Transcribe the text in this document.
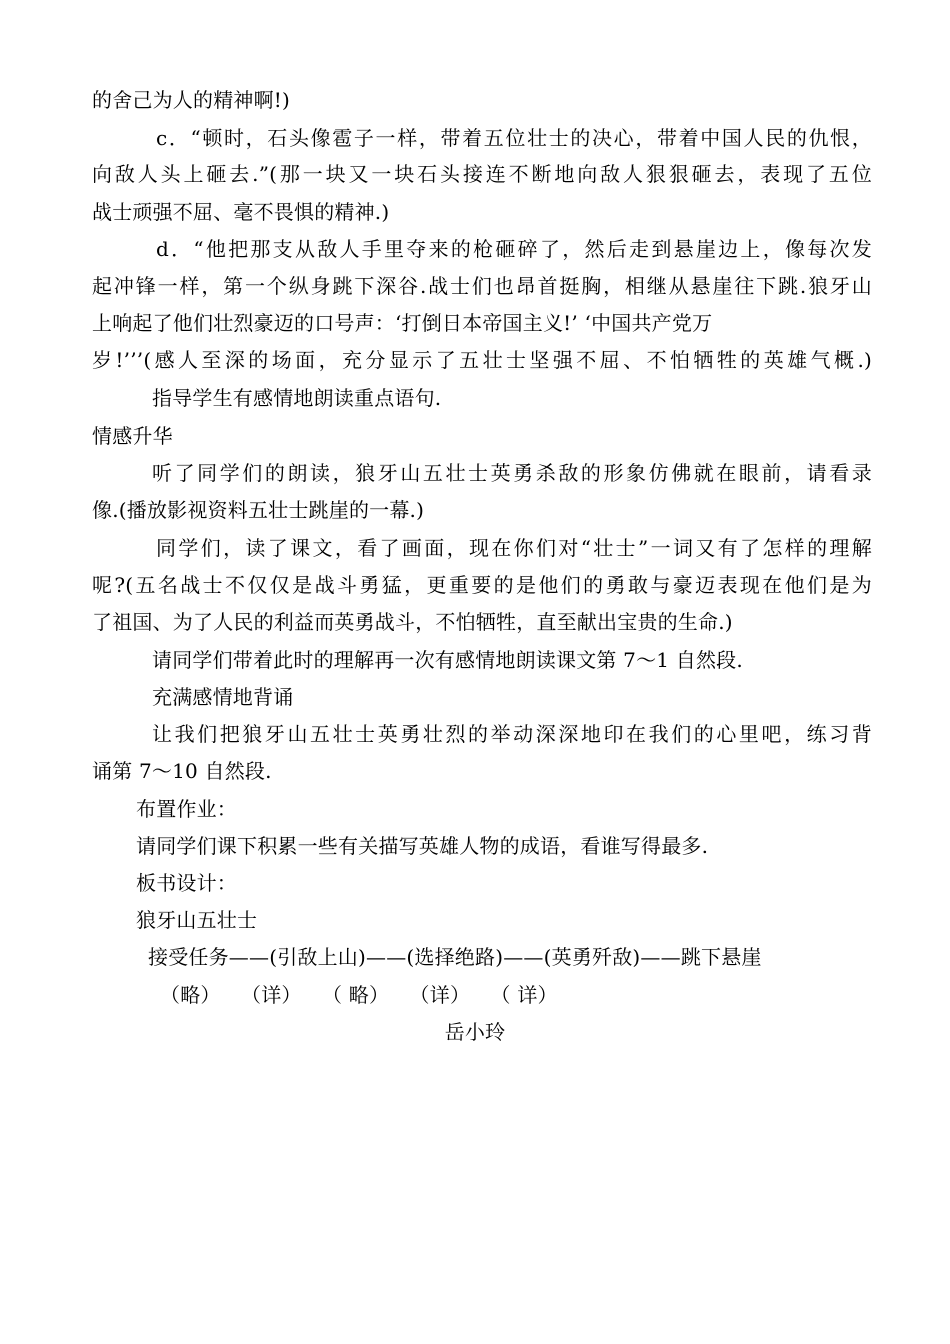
的舍己为人的精神啊!)
c．“顿时，石头像雹子一样，带着五位壮士的决心，带着中国人民的仇恨，
向敌人头上砸去.”(那一块又一块石头接连不断地向敌人狠狠砸去，表现了五位
战士顽强不屈、毫不畏惧的精神.)
d．“他把那支从敌人手里夺来的枪砸碎了，然后走到悬崖边上，像每次发
起冲锋一样，第一个纵身跳下深谷.战士们也昂首挺胸，相继从悬崖往下跳.狼牙山
上响起了他们壮烈豪迈的口号声：‘打倒日本帝国主义!’ ‘中国共产党万
岁!’’’(感人至深的场面，充分显示了五壮士坚强不屈、不怕牺牲的英雄气概.)
指导学生有感情地朗读重点语句.
情感升华
听了同学们的朗读，狼牙山五壮士英勇杀敌的形象仿佛就在眼前，请看录
像.(播放影视资料五壮士跳崖的一幕.)
同学们，读了课文，看了画面，现在你们对“壮士”一词又有了怎样的理解
呢?(五名战士不仅仅是战斗勇猛，更重要的是他们的勇敢与豪迈表现在他们是为
了祖国、为了人民的利益而英勇战斗，不怕牺牲，直至献出宝贵的生命.)
请同学们带着此时的理解再一次有感情地朗读课文第 7～1 自然段.
充满感情地背诵
让我们把狼牙山五壮士英勇壮烈的举动深深地印在我们的心里吧，练习背
诵第 7～10 自然段.
布置作业：
请同学们课下积累一些有关描写英雄人物的成语，看谁写得最多.
板书设计：
狼牙山五壮士
接受任务——(引敌上山)——(选择绝路)——(英勇歼敌)——跳下悬崖
（略）　　（详）　　（ 略）　　（详）　　（ 详）
岳小玲
